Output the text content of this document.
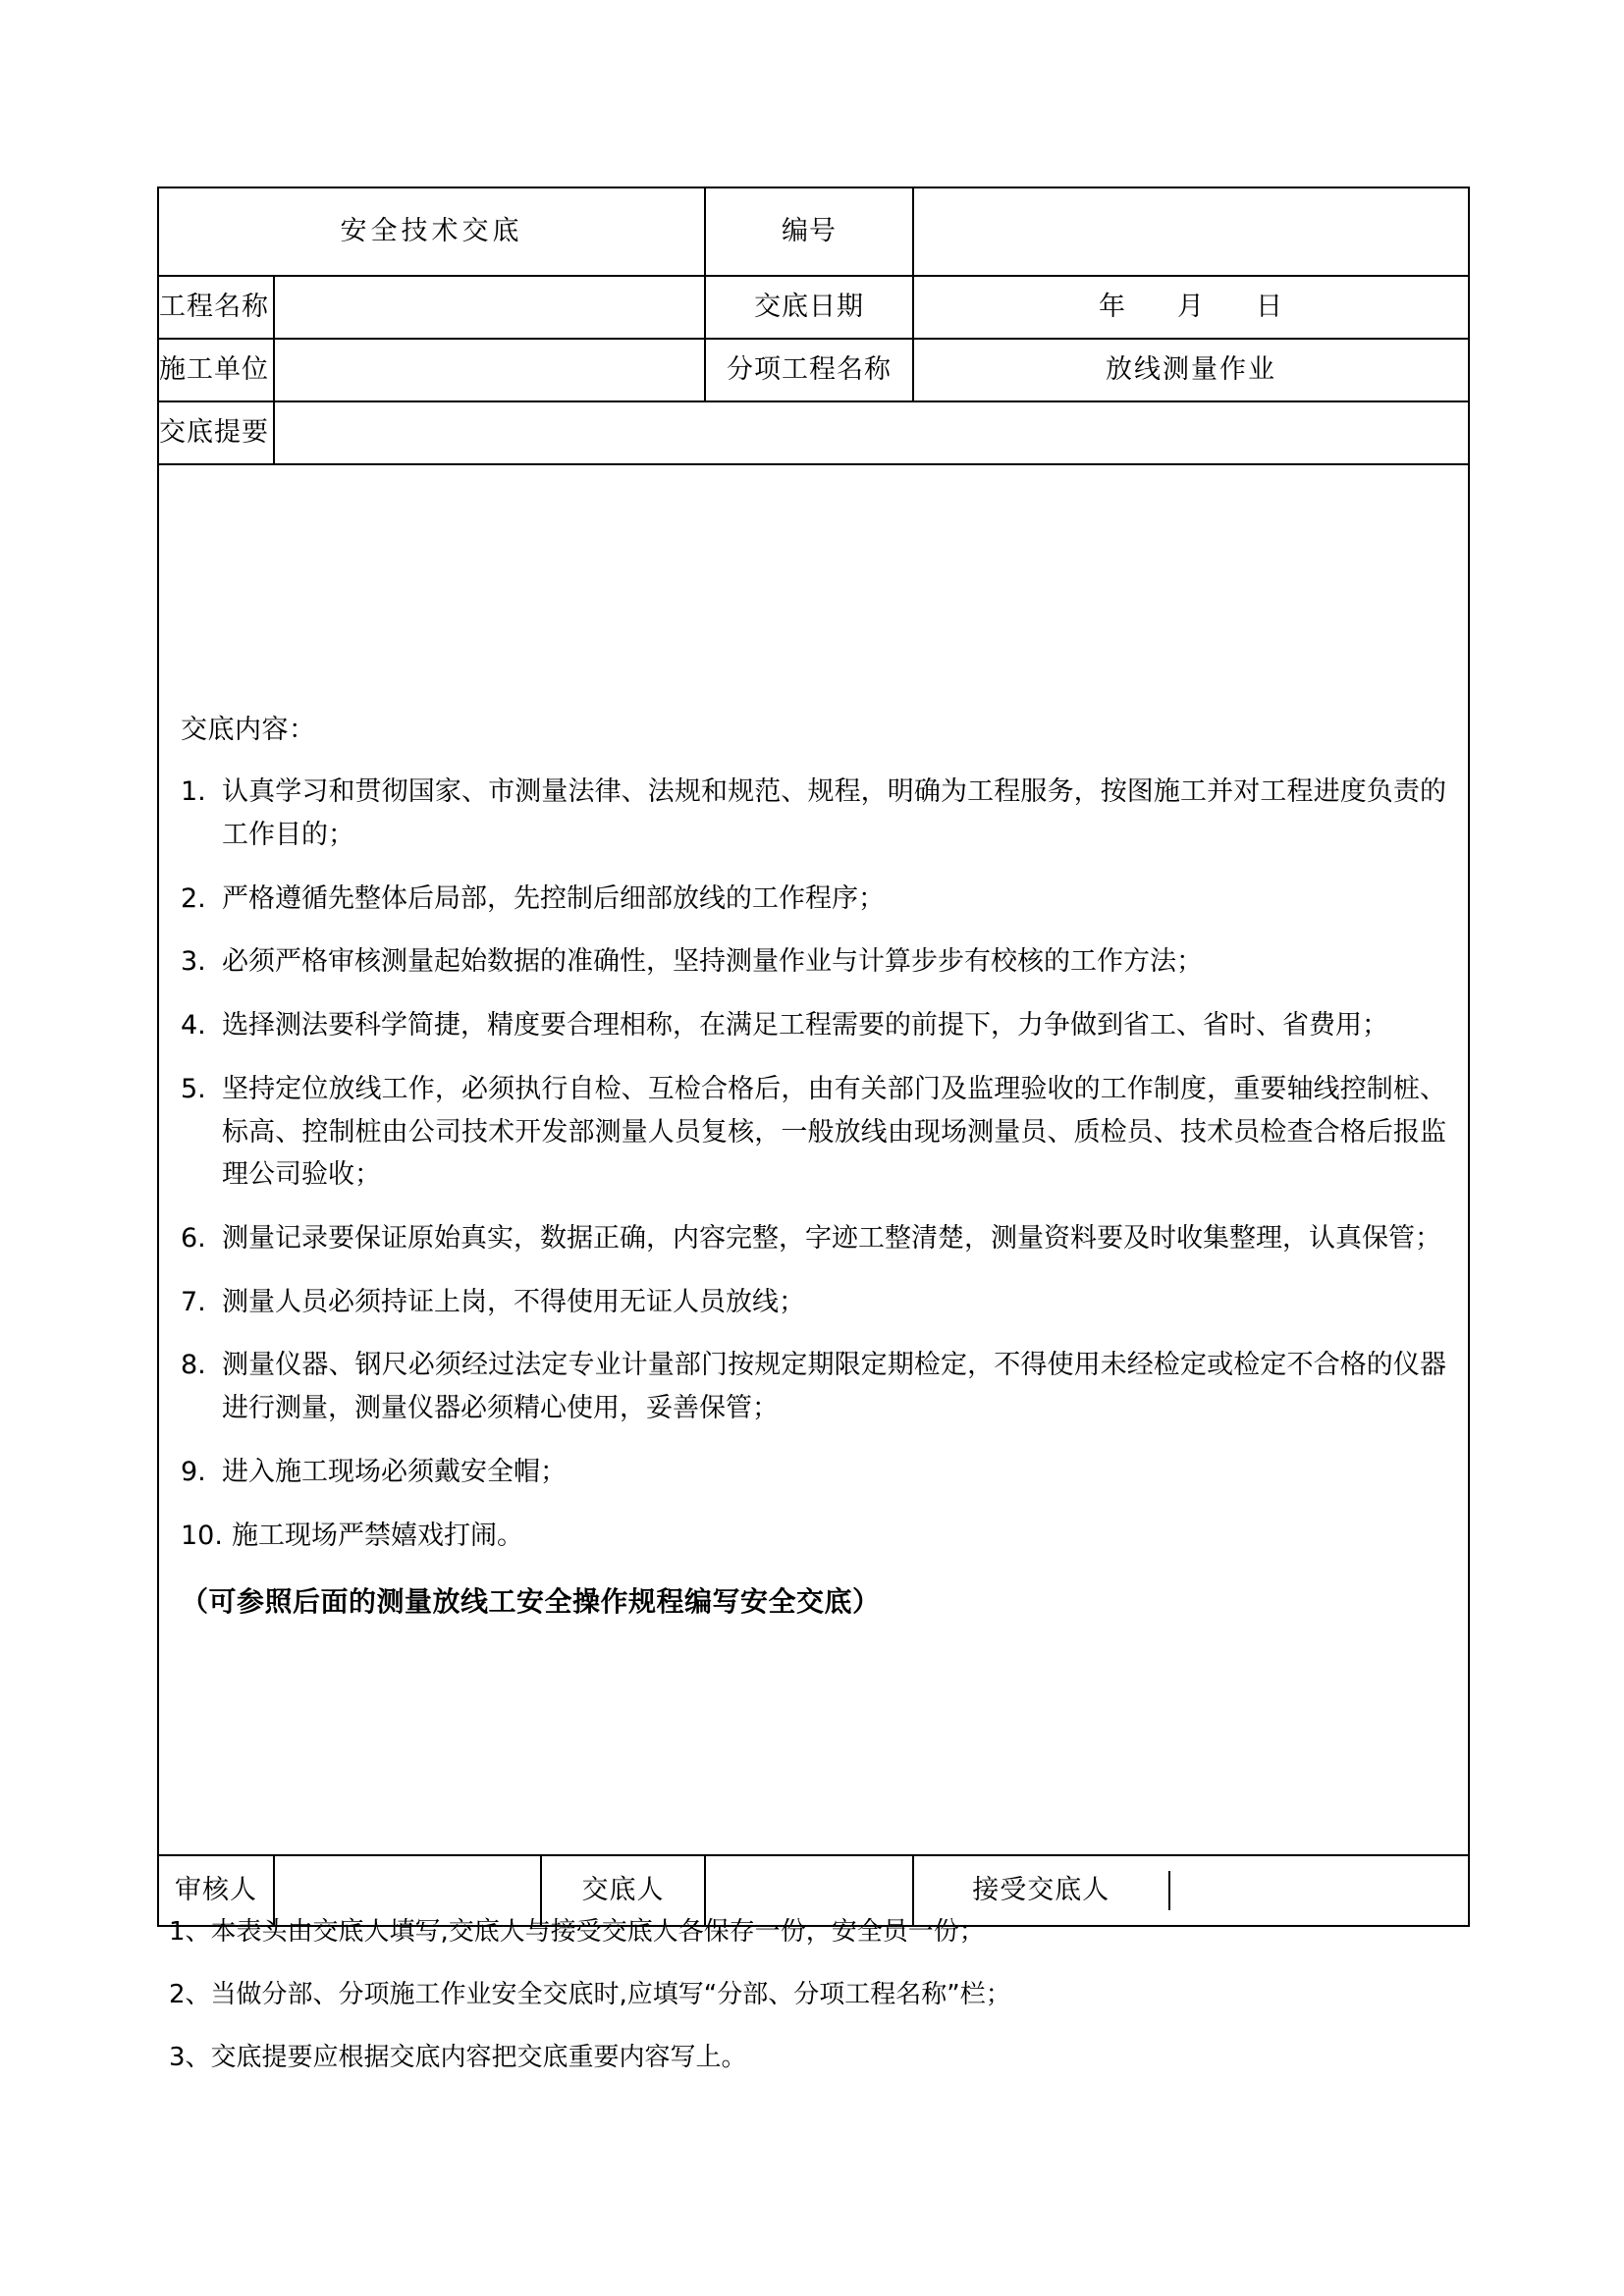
安全技术交底	编号	
工程名称		交底日期	年 月 日
施工单位		分项工程名称	放线测量作业
交底提要	

交底内容：
1. 认真学习和贯彻国家、市测量法律、法规和规范、规程，明确为工程服务，按图施工并对工程进度负责的工作目的；
2. 严格遵循先整体后局部，先控制后细部放线的工作程序；
3. 必须严格审核测量起始数据的准确性，坚持测量作业与计算步步有校核的工作方法；
4. 选择测法要科学简捷，精度要合理相称，在满足工程需要的前提下，力争做到省工、省时、省费用；
5. 坚持定位放线工作，必须执行自检、互检合格后，由有关部门及监理验收的工作制度，重要轴线控制桩、标高、控制桩由公司技术开发部测量人员复核，一般放线由现场测量员、质检员、技术员检查合格后报监理公司验收；
6. 测量记录要保证原始真实，数据正确，内容完整，字迹工整清楚，测量资料要及时收集整理，认真保管；
7. 测量人员必须持证上岗，不得使用无证人员放线；
8. 测量仪器、钢尺必须经过法定专业计量部门按规定期限定期检定，不得使用未经检定或检定不合格的仪器进行测量，测量仪器必须精心使用，妥善保管；
9. 进入施工现场必须戴安全帽；
10. 施工现场严禁嬉戏打闹。
（可参照后面的测量放线工安全操作规程编写安全交底）

审核人		交底人			接受交底人	

1、本表头由交底人填写,交底人与接受交底人各保存一份，安全员一份；

2、当做分部、分项施工作业安全交底时,应填写“分部、分项工程名称”栏；

3、交底提要应根据交底内容把交底重要内容写上。
